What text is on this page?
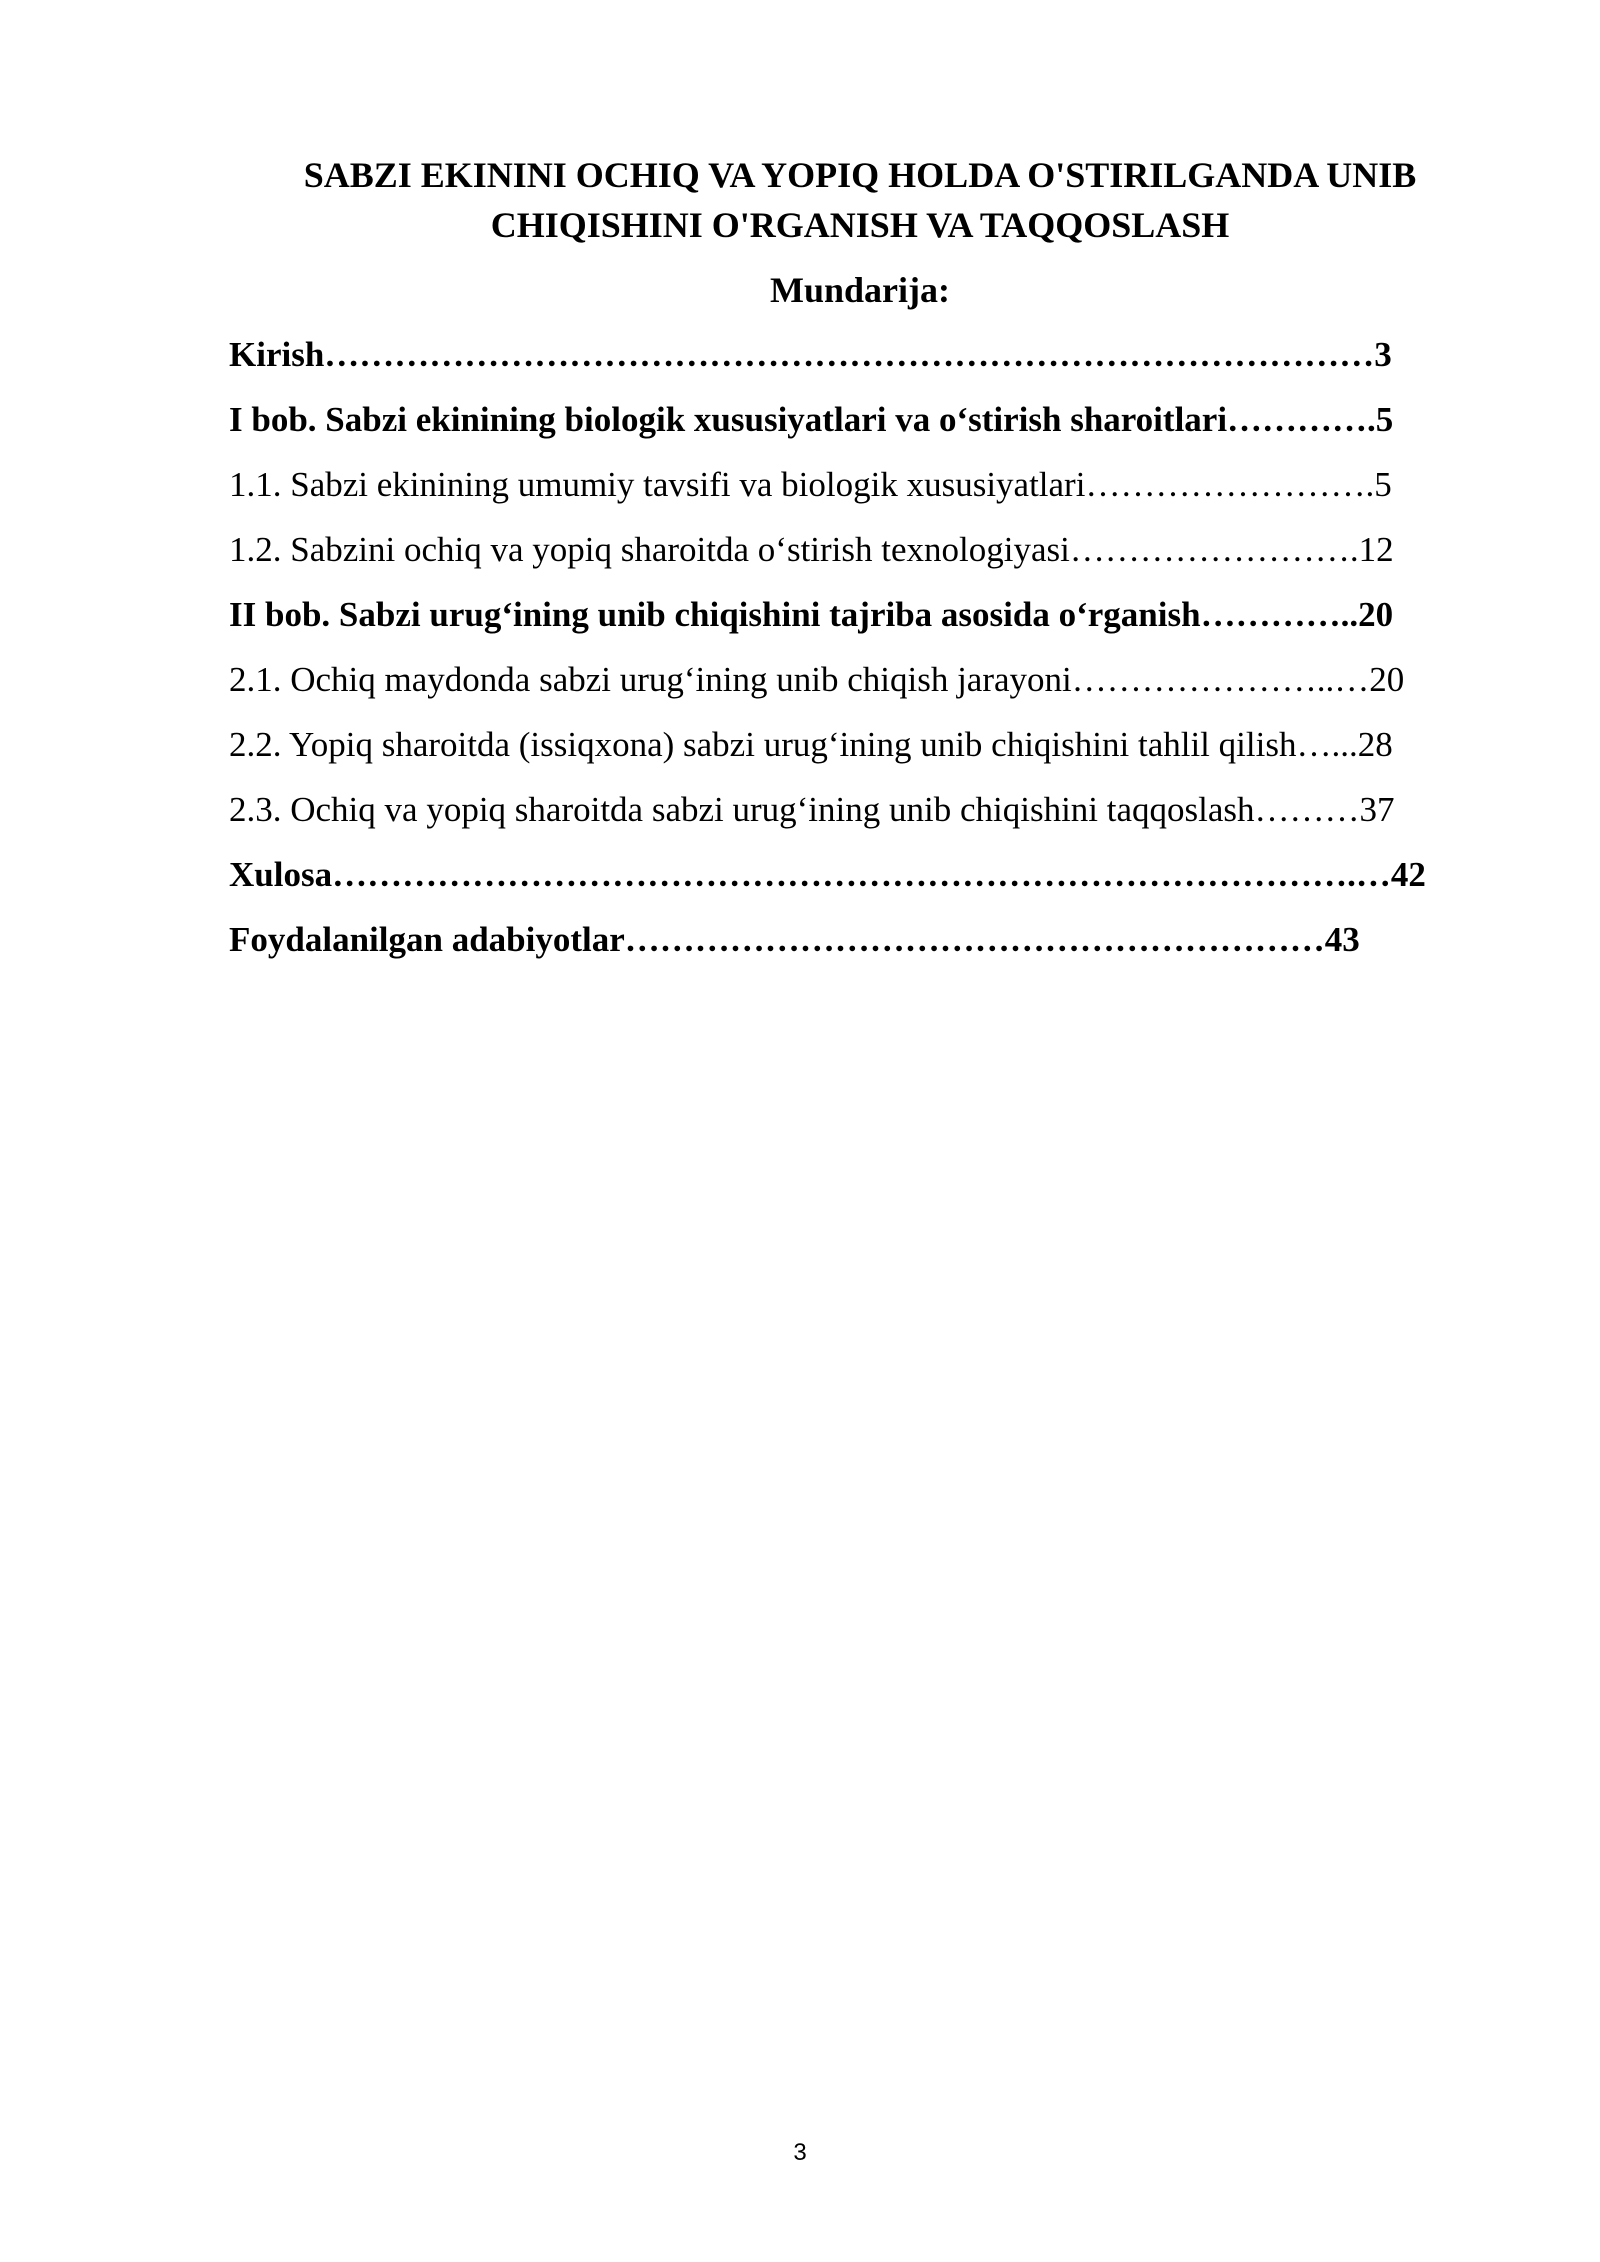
SABZI EKININI OCHIQ VA YOPIQ HOLDA O'STIRILGANDA UNIB
CHIQISHINI O'RGANISH VA TAQQOSLASH
Mundarija:
Kirish………………………………………………………………………………3
I bob. Sabzi ekinining biologik xususiyatlari va o‘stirish sharoitlari………….5
1.1. Sabzi ekinining umumiy tavsifi va biologik xususiyatlari…………………….5
1.2. Sabzini ochiq va yopiq sharoitda o‘stirish texnologiyasi…………………….12
II bob. Sabzi urug‘ining unib chiqishini tajriba asosida o‘rganish…………..20
2.1. Ochiq maydonda sabzi urug‘ining unib chiqish jarayoni…………………..…20
2.2. Yopiq sharoitda (issiqxona) sabzi urug‘ining unib chiqishini tahlil qilish…...28
2.3. Ochiq va yopiq sharoitda sabzi urug‘ining unib chiqishini taqqoslash………37
Xulosa…………………………………………………………………………….…42
Foydalanilgan adabiyotlar……………………………………………………43
3
